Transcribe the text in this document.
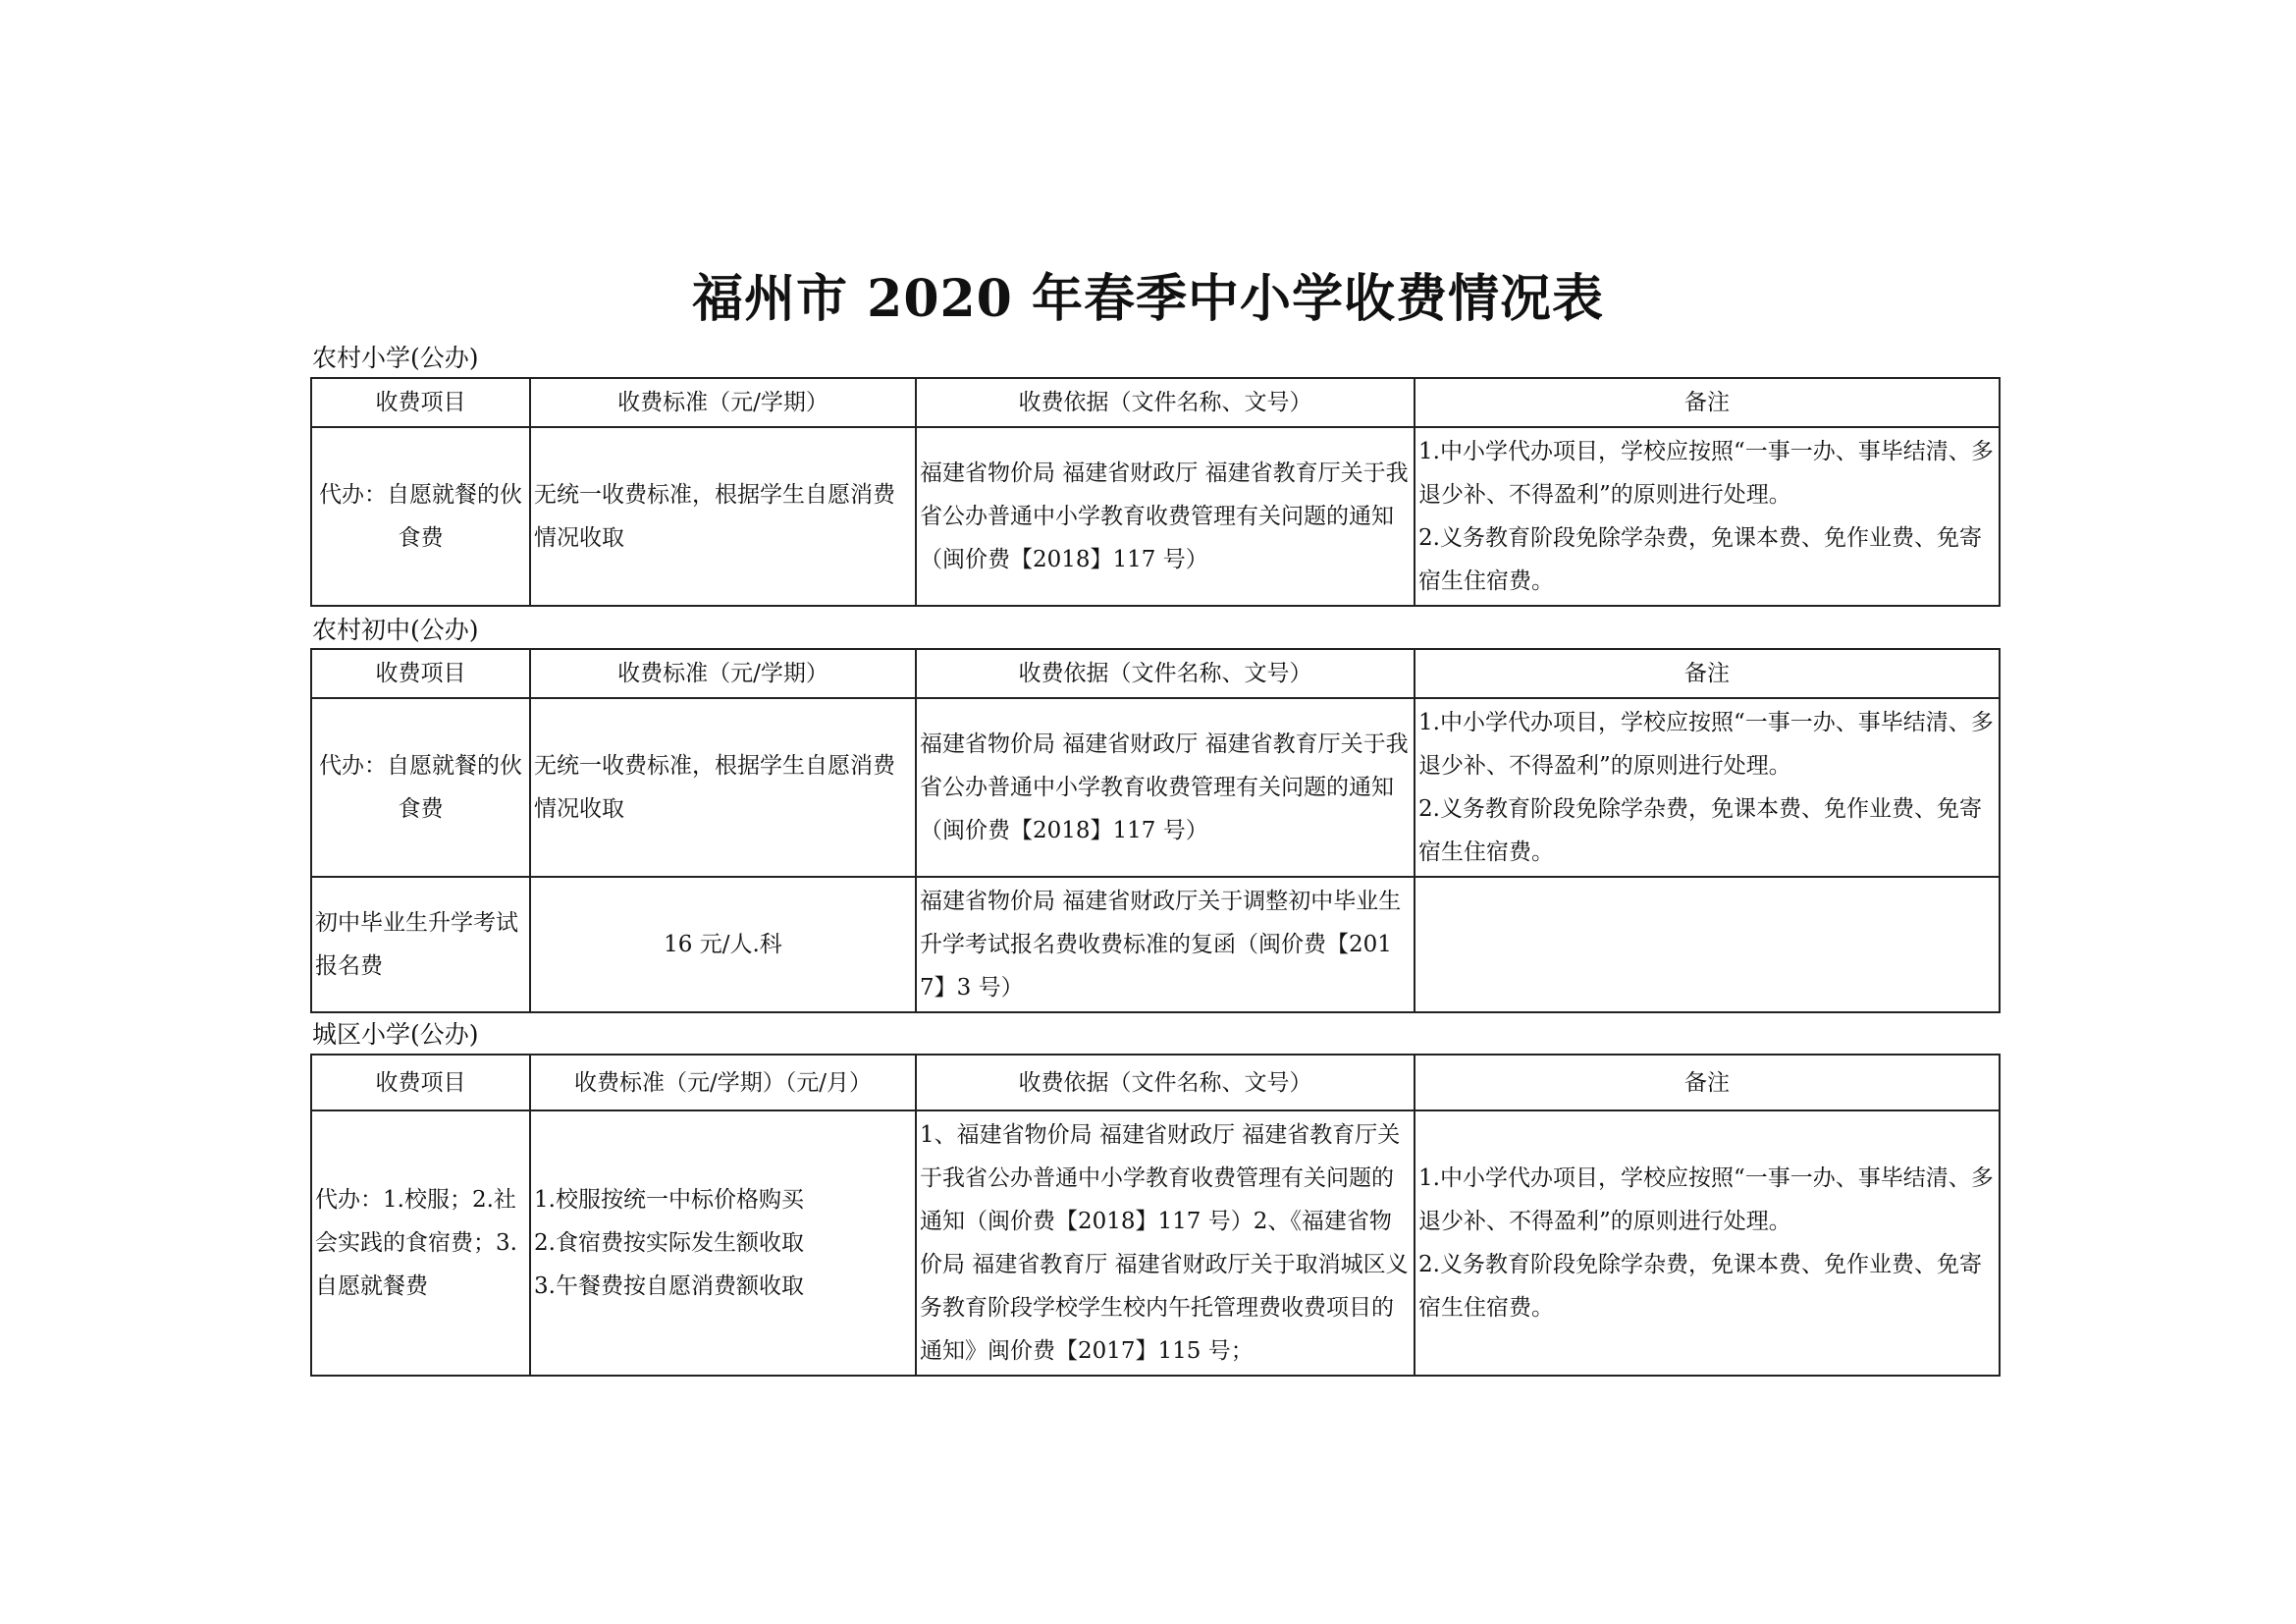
福州市 2020 年春季中小学收费情况表
农村小学(公办)
收费项目	收费标准（元/学期）	收费依据（文件名称、文号）	备注
代办：自愿就餐的伙食费	无统一收费标准，根据学生自愿消费情况收取	福建省物价局 福建省财政厅 福建省教育厅关于我省公办普通中小学教育收费管理有关问题的通知（闽价费【2018】117 号）	1.中小学代办项目，学校应按照“一事一办、事毕结清、多退少补、不得盈利”的原则进行处理。
2.义务教育阶段免除学杂费，免课本费、免作业费、免寄宿生住宿费。
农村初中(公办)
收费项目	收费标准（元/学期）	收费依据（文件名称、文号）	备注
代办：自愿就餐的伙食费	无统一收费标准，根据学生自愿消费情况收取	福建省物价局 福建省财政厅 福建省教育厅关于我省公办普通中小学教育收费管理有关问题的通知（闽价费【2018】117 号）	1.中小学代办项目，学校应按照“一事一办、事毕结清、多退少补、不得盈利”的原则进行处理。
2.义务教育阶段免除学杂费，免课本费、免作业费、免寄宿生住宿费。
初中毕业生升学考试报名费	16 元/人.科	福建省物价局 福建省财政厅关于调整初中毕业生升学考试报名费收费标准的复函（闽价费【2017】3 号）	
城区小学(公办)
收费项目	收费标准（元/学期）（元/月）	收费依据（文件名称、文号）	备注
代办：1.校服；2.社会实践的食宿费；3.自愿就餐费	1.校服按统一中标价格购买
2.食宿费按实际发生额收取
3.午餐费按自愿消费额收取	1、福建省物价局 福建省财政厅 福建省教育厅关于我省公办普通中小学教育收费管理有关问题的通知（闽价费【2018】117 号）2、《福建省物价局 福建省教育厅 福建省财政厅关于取消城区义务教育阶段学校学生校内午托管理费收费项目的通知》闽价费【2017】115 号；	1.中小学代办项目，学校应按照“一事一办、事毕结清、多退少补、不得盈利”的原则进行处理。
2.义务教育阶段免除学杂费，免课本费、免作业费、免寄宿生住宿费。
